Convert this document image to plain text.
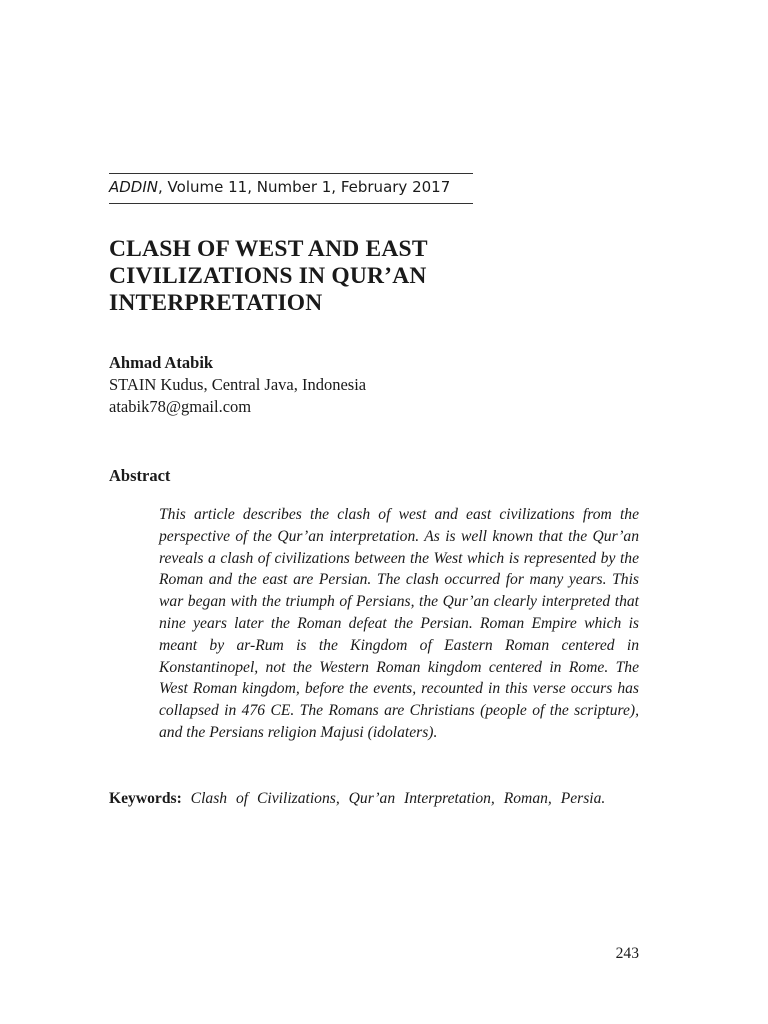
ADDIN, Volume 11, Number 1, February 2017
CLASH OF WEST AND EAST
CIVILIZATIONS IN QUR’AN
INTERPRETATION
Ahmad Atabik
STAIN Kudus, Central Java, Indonesia
atabik78@gmail.com
Abstract

This article describes the clash of west and east civilizations from the perspective of the Qur’an interpretation. As is well known that the Qur’an reveals a clash of civilizations between the West which is represented by the Roman and the east are Persian. The clash occurred for many years. This war began with the triumph of Persians, the Qur’an clearly interpreted that nine years later the Roman defeat the Persian. Roman Empire which is meant by ar-Rum is the Kingdom of Eastern Roman centered in Konstantinopel, not the Western Roman kingdom centered in Rome. The West Roman kingdom, before the events, recounted in this verse occurs has collapsed in 476 CE. The Romans are Christians (people of the scripture), and the Persians religion Majusi (idolaters).

Keywords: Clash of Civilizations, Qur’an Interpretation, Roman, Persia.

243
